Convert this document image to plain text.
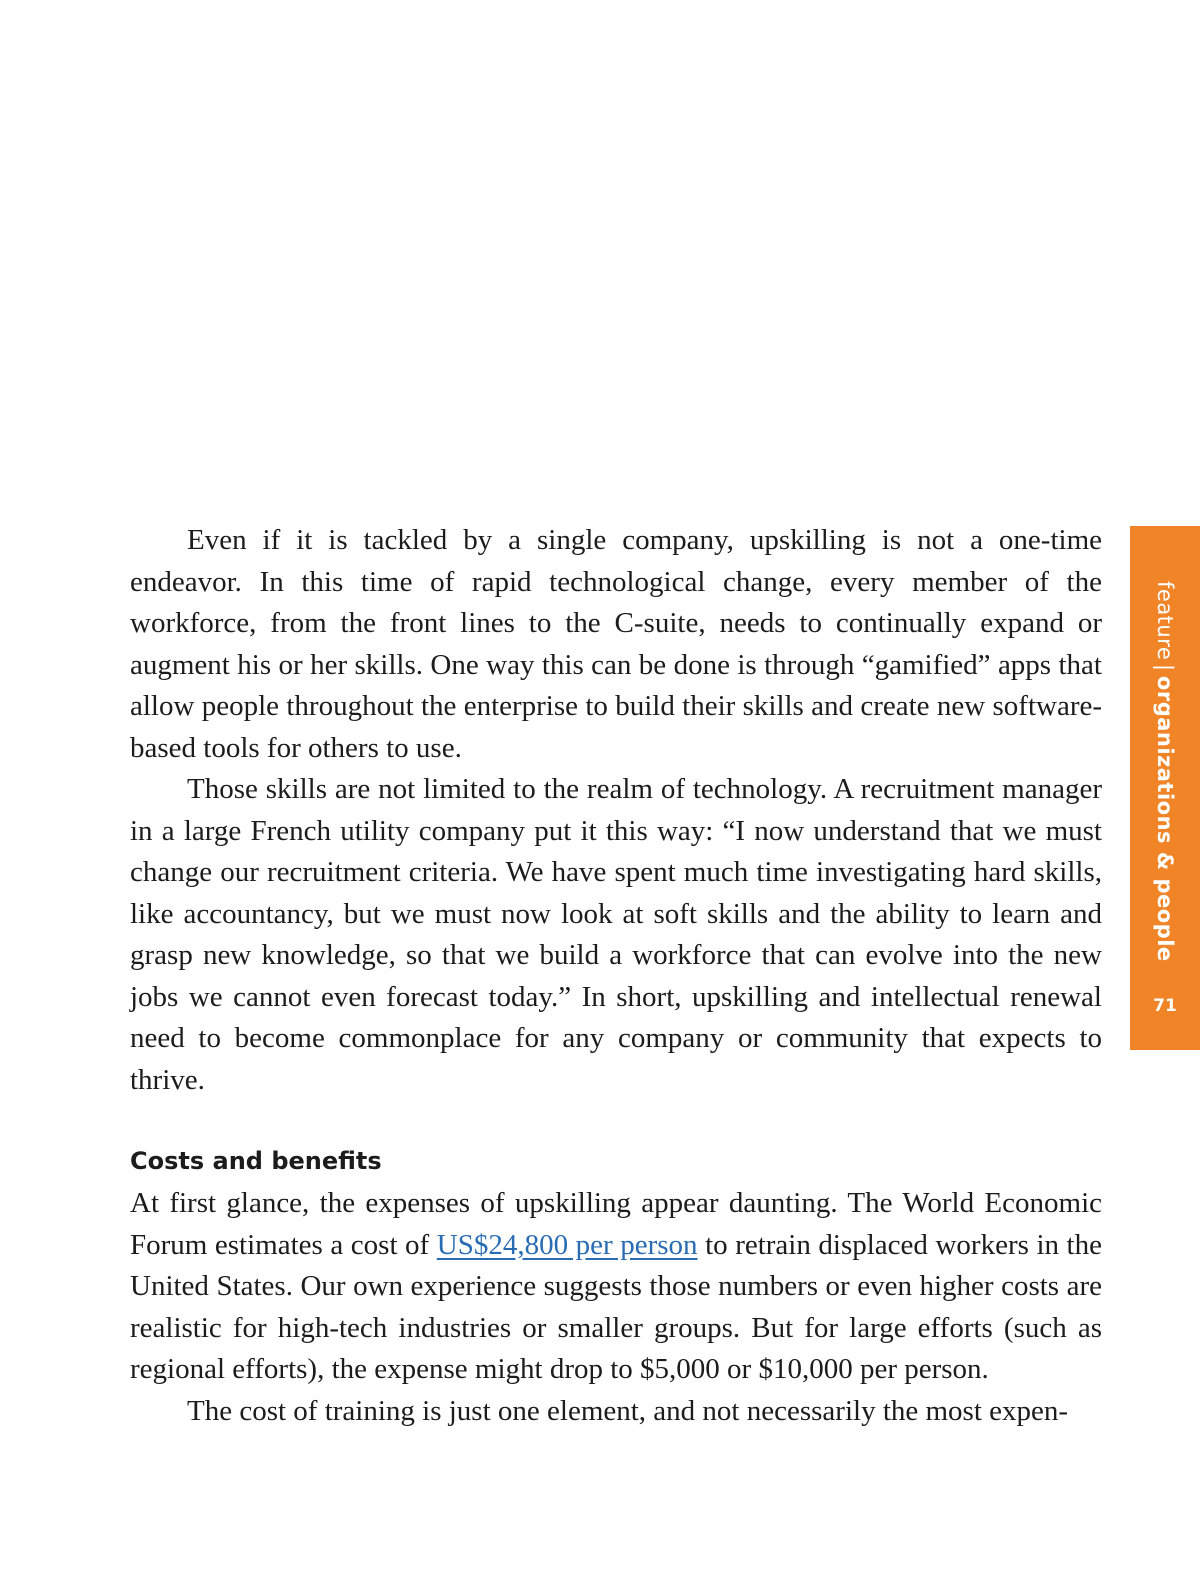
Even if it is tackled by a single company, upskilling is not a one-time endeavor. In this time of rapid technological change, every member of the workforce, from the front lines to the C-suite, needs to continually expand or augment his or her skills. One way this can be done is through “gamified” apps that allow people throughout the enterprise to build their skills and create new software-based tools for others to use.

Those skills are not limited to the realm of technology. A recruitment manager in a large French utility company put it this way: “I now understand that we must change our recruitment criteria. We have spent much time investigating hard skills, like accountancy, but we must now look at soft skills and the ability to learn and grasp new knowledge, so that we build a workforce that can evolve into the new jobs we cannot even forecast today.” In short, upskilling and intellectual renewal need to become commonplace for any company or community that expects to thrive.

Costs and benefits

At first glance, the expenses of upskilling appear daunting. The World Economic Forum estimates a cost of US$24,800 per person to retrain displaced workers in the United States. Our own experience suggests those numbers or even higher costs are realistic for high-tech industries or smaller groups. But for large efforts (such as regional efforts), the expense might drop to $5,000 or $10,000 per person.

The cost of training is just one element, and not necessarily the most expen-

feature|organizations & people
71
